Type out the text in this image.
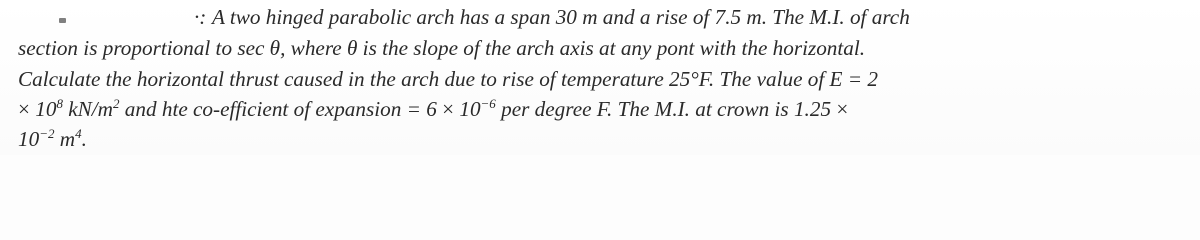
·: A two hinged parabolic arch has a span 30 m and a rise of 7.5 m. The M.I. of arch
section is proportional to sec θ, where θ is the slope of the arch axis at any pont with the horizontal.
Calculate the horizontal thrust caused in the arch due to rise of temperature 25°F. The value of E = 2
× $10^8$ $kN/m^2$ and hte co-efficient of expansion = $6 \times 10^{-6}$ per degree F. The M.I. at crown is 1.25 ×
$10^{-2}$ $m^4$.
